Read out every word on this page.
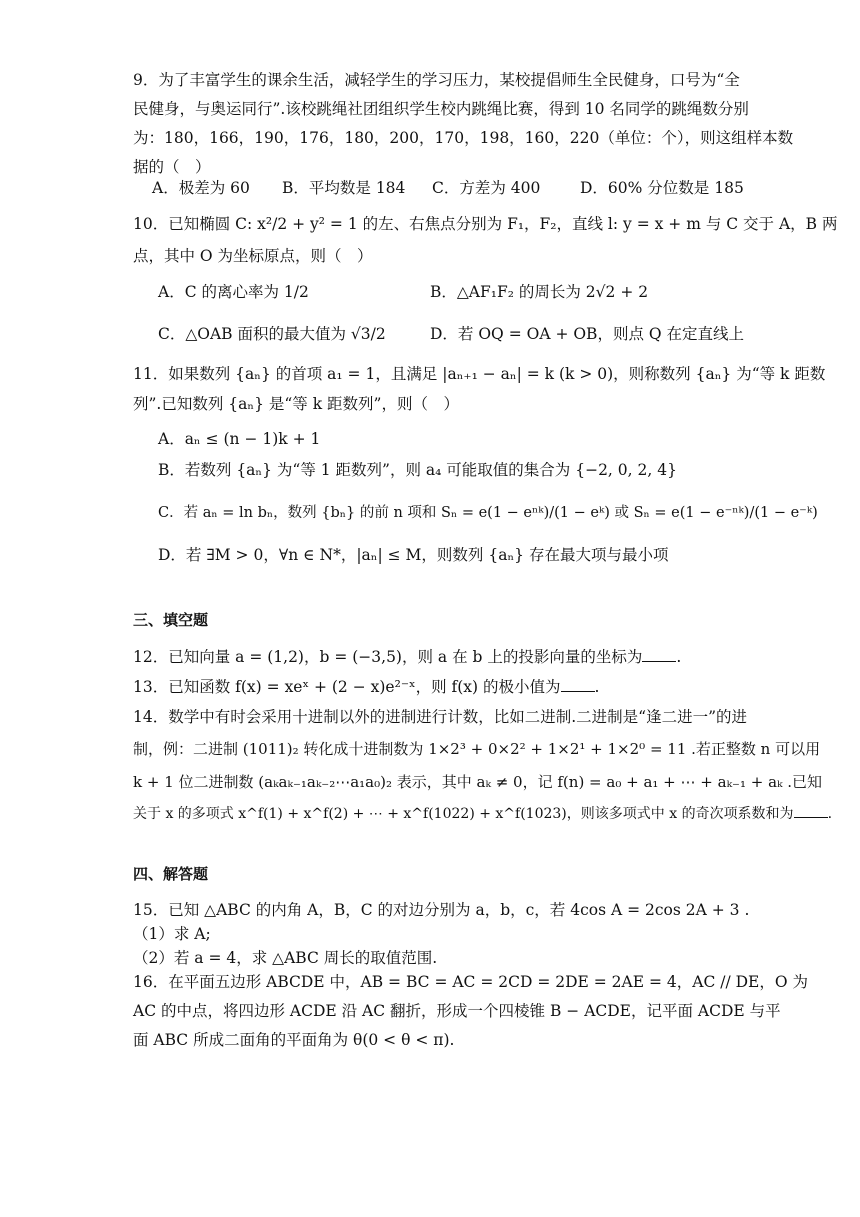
9．为了丰富学生的课余生活，减轻学生的学习压力，某校提倡师生全民健身，口号为“全
民健身，与奥运同行”.该校跳绳社团组织学生校内跳绳比赛，得到 10 名同学的跳绳数分别
为：180，166，190，176，180，200，170，198，160，220（单位：个），则这组样本数
据的（　）
A．极差为 60 B．平均数是 184 C．方差为 400	D．60% 分位数是 185
10．已知椭圆 C: x²/2 + y² = 1 的左、右焦点分别为 F₁，F₂，直线 l: y = x + m 与 C 交于 A，B 两
点，其中 O 为坐标原点，则（　）
A．C 的离心率为 1/2	B．△AF₁F₂ 的周长为 2√2 + 2
C．△OAB 面积的最大值为 √3/2	D．若 OQ = OA + OB，则点 Q 在定直线上
11．如果数列 {aₙ} 的首项 a₁ = 1，且满足 |aₙ₊₁ − aₙ| = k (k > 0)，则称数列 {aₙ} 为“等 k 距数
列”.已知数列 {aₙ} 是“等 k 距数列”，则（　）
A．aₙ ≤ (n − 1)k + 1
B．若数列 {aₙ} 为“等 1 距数列”，则 a₄ 可能取值的集合为 {−2, 0, 2, 4}
C．若 aₙ = ln bₙ，数列 {bₙ} 的前 n 项和 Sₙ = e(1 − eⁿᵏ)/(1 − eᵏ) 或 Sₙ = e(1 − e⁻ⁿᵏ)/(1 − e⁻ᵏ)
D．若 ∃M > 0，∀n ∈ N*，|aₙ| ≤ M，则数列 {aₙ} 存在最大项与最小项
三、填空题
12．已知向量 a = (1,2)，b = (−3,5)，则 a 在 b 上的投影向量的坐标为 .
13．已知函数 f(x) = xeˣ + (2 − x)e²⁻ˣ，则 f(x) 的极小值为 .
14．数学中有时会采用十进制以外的进制进行计数，比如二进制.二进制是“逢二进一”的进
制，例：二进制 (1011)₂ 转化成十进制数为 1×2³ + 0×2² + 1×2¹ + 1×2⁰ = 11 .若正整数 n 可以用
k + 1 位二进制数 (aₖaₖ₋₁aₖ₋₂⋯a₁a₀)₂ 表示，其中 aₖ ≠ 0，记 f(n) = a₀ + a₁ + ⋯ + aₖ₋₁ + aₖ .已知
关于 x 的多项式 x^f(1) + x^f(2) + ⋯ + x^f(1022) + x^f(1023)，则该多项式中 x 的奇次项系数和为 .
四、解答题
15．已知 △ABC 的内角 A，B，C 的对边分别为 a，b，c，若 4cos A = 2cos 2A + 3 .
（1）求 A;
（2）若 a = 4，求 △ABC 周长的取值范围.
16．在平面五边形 ABCDE 中，AB = BC = AC = 2CD = 2DE = 2AE = 4，AC // DE，O 为
AC 的中点，将四边形 ACDE 沿 AC 翻折，形成一个四棱锥 B − ACDE，记平面 ACDE 与平
面 ABC 所成二面角的平面角为 θ(0 < θ < π).
